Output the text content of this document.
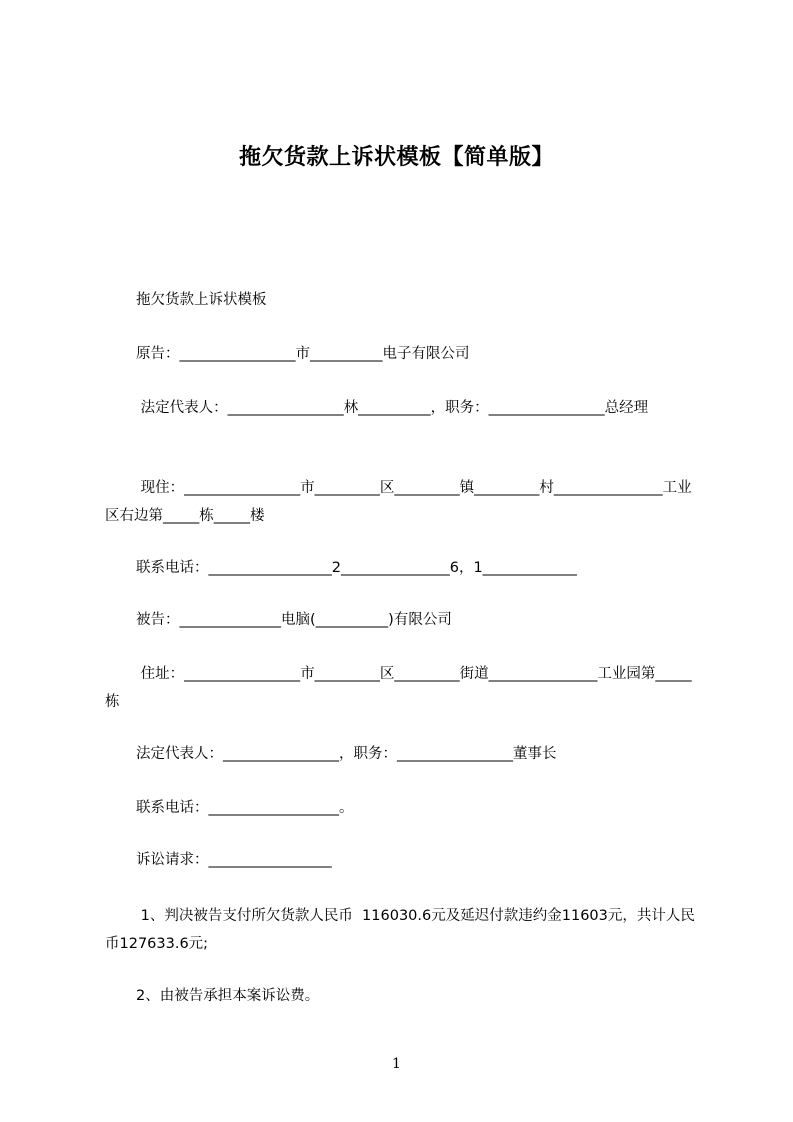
拖欠货款上诉状模板【简单版】
拖欠货款上诉状模板
原告：________________市__________电子有限公司
法定代表人：________________林__________，职务：________________总经理
现住：________________市_________区_________镇_________村_______________工业区右边第_____栋_____楼
联系电话：_________________2_______________6，1_____________
被告：______________电脑(__________)有限公司
住址：________________市_________区_________街道_______________工业园第_____栋
法定代表人：________________，职务：________________董事长
联系电话：__________________。
诉讼请求：_________________
1、判决被告支付所欠货款人民币  116030.6元及延迟付款违约金11603元，共计人民币127633.6元;
2、由被告承担本案诉讼费。
1
